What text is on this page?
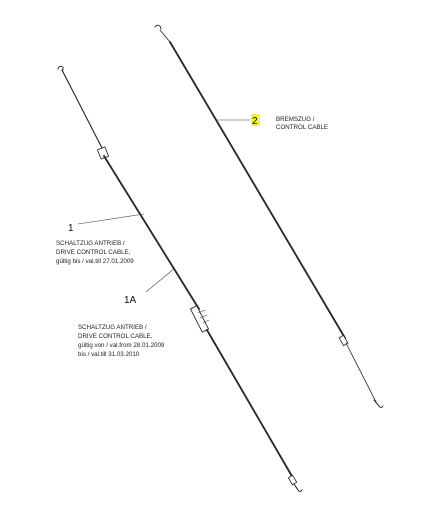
1
SCHALTZUG ANTRIEB /
DRIVE CONTROL CABLE,
gültig bis / val.till 27.01.2009
1A
SCHALTZUG ANTRIEB /
DRIVE CONTROL CABLE,
gültig von / val.from 28.01.2009
bis / val.till 31.03.2010
2	BREMSZUG /
CONTROL CABLE
